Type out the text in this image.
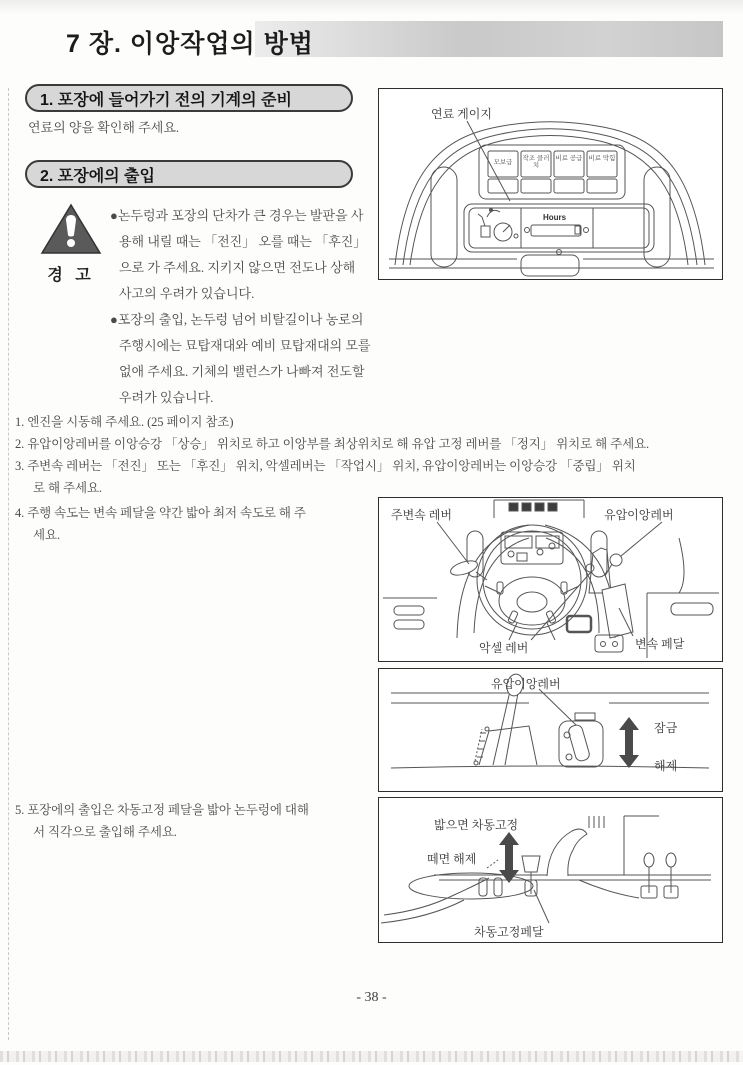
7 장. 이앙작업의 방법
1. 포장에 들어가기 전의 기계의 준비
연료의 양을 확인해 주세요.
2. 포장에의 출입
경 고
●논두렁과 포장의 단차가 큰 경우는 발판을 사
용해 내릴 때는 「전진」 오를 때는 「후진」
으로 가 주세요. 지키지 않으면 전도나 상해
사고의 우려가 있습니다.
●포장의 출입, 논두렁 넘어 비탈길이나 농로의
주행시에는 묘탑재대와 예비 묘탑재대의 모를
없애 주세요. 기체의 밸런스가 나빠져 전도할
우려가 있습니다.
1. 엔진을 시동해 주세요. (25 페이지 참조)
2. 유압이앙레버를 이앙승강 「상승」 위치로 하고 이앙부를 최상위치로 해 유압 고정 레버를 「정지」 위치로 해 주세요.
3. 주변속 레버는 「전진」 또는 「후진」 위치, 악셀레버는 「작업시」 위치, 유압이앙레버는 이앙승강 「중립」 위치
로 해 주세요.
4. 주행 속도는 변속 페달을 약간 밟아 최저 속도로 해 주
세요.
5. 포장에의 출입은 차동고정 페달을 밟아 논두렁에 대해
서 직각으로 출입해 주세요.
연료 게이지
모보급
작조 클러치
비료 공급 비료 막힘
Hours
주변속 레버	유압이앙레버
악셀 레버	변속 페달
유압이앙레버
잠금
해제
밟으면 차동고정
떼면 해제
차동고정페달
- 38 -
